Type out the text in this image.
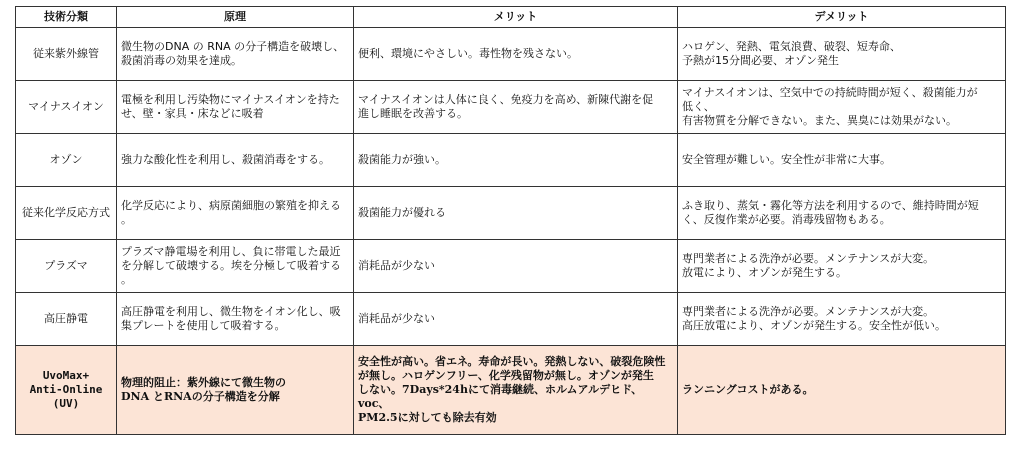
技術分類	原理	メリット	デメリット
従来紫外線管	微生物のDNA の RNA の分子構造を破壊し、
殺菌消毒の効果を達成。	便利、環境にやさしい。毒性物を残さない。	ハロゲン、発熱、電気浪費、破裂、短寿命、
予熱が15分間必要、オゾン発生
マイナスイオン	電極を利用し汚染物にマイナスイオンを持た
せ、壁・家具・床などに吸着	マイナスイオンは人体に良く、免疫力を高め、新陳代謝を促
進し睡眠を改善する。	マイナスイオンは、空気中での持続時間が短く、殺菌能力が
低く、
有害物質を分解できない。また、異臭には効果がない。
オゾン	強力な酸化性を利用し、殺菌消毒をする。	殺菌能力が強い。	安全管理が難しい。安全性が非常に大事。
従来化学反応方式	化学反応により、病原菌細胞の繁殖を抑える
。	殺菌能力が優れる	ふき取り、蒸気・霧化等方法を利用するので、維持時間が短
く、反復作業が必要。消毒残留物もある。
プラズマ	プラズマ静電場を利用し、負に帯電した最近
を分解して破壊する。埃を分極して吸着する
。	消耗品が少ない	専門業者による洗浄が必要。メンテナンスが大変。
放電により、オゾンが発生する。
高圧静電	高圧静電を利用し、微生物をイオン化し、吸
集プレートを使用して吸着する。	消耗品が少ない	専門業者による洗浄が必要。メンテナンスが大変。
高圧放電により、オゾンが発生する。安全性が低い。
UvoMax+
Anti-Online
(UV)	物理的阻止：紫外線にて微生物の
DNA とRNAの分子構造を分解	安全性が高い。省エネ。寿命が長い。発熱しない、破裂危険性
が無し。ハロゲンフリー、化学残留物が無し。オゾンが発生
しない。7Days*24hにて消毒継続、ホルムアルデヒド、voc、
PM2.5に対しても除去有効	ランニングコストがある。
